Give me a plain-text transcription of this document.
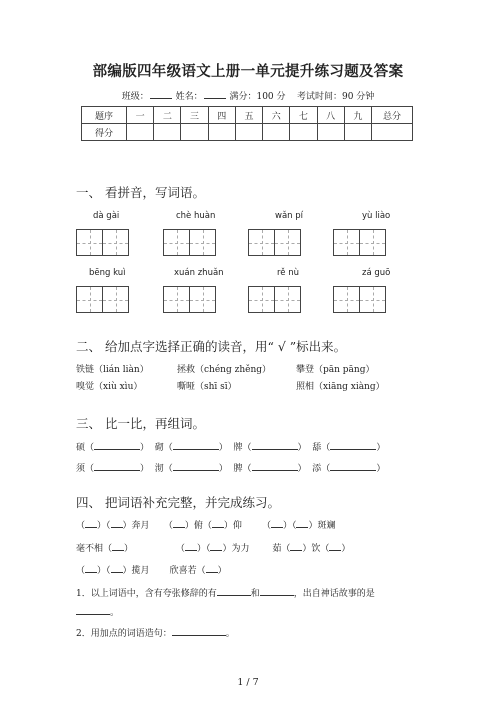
部编版四年级语文上册一单元提升练习题及答案
班级：	姓名：	满分：100 分 考试时间：90 分钟
题序	一	二	三	四	五	六	七	八	九	总分
得分										
一、 看拼音，写词语。
dà gài	chè huàn	wǎn pí	yù liào
bēng kuì	xuán zhuǎn	rě nù	zá guō
二、 给加点字选择正确的读音，用“ √ ”标出来。
铁链（lián liàn）	拯救（chéng zhěng）	攀登（pān pāng）
嗅觉（xiù xìu）	嘶哑（shī sī）	照相（xiāng xiàng）
三、 比一比，再组词。
硕（	） 砌（	） 牌（	） 舔（	）
须（	） 沏（	） 脾（	） 添（	）
四、 把词语补充完整，并完成练习。
（ ）（ ）奔月     （ ）俯（ ）仰       （ ）（ ）斑斓
毫不相（ ）               （ ）（ ）为力	茹（ ）饮（ ）
（ ）（ ）揽月 欣喜若（ ）
1．以上词语中，含有夸张修辞的有	和	，出自神话故事的是
。
2．用加点的词语造句：	。
1 / 7
